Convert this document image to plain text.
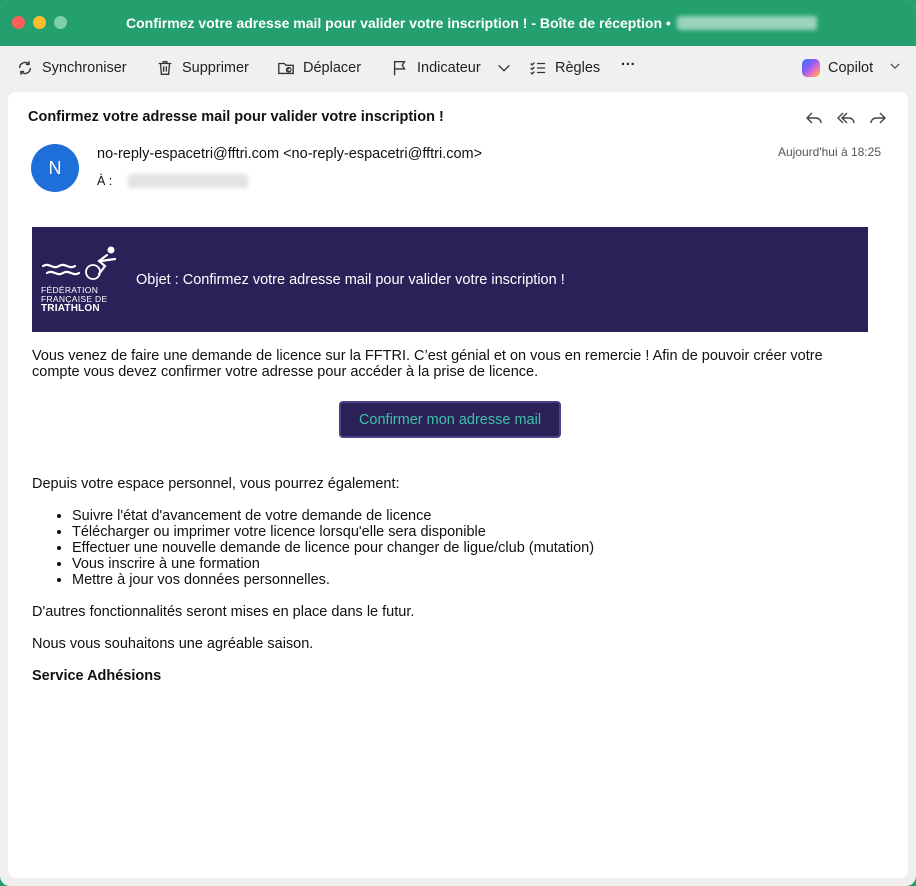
Confirmez votre adresse mail pour valider votre inscription ! - Boîte de réception •
Synchroniser	Supprimer	Déplacer	Indicateur	Règles ···	Copilot
Confirmez votre adresse mail pour valider votre inscription !
N
no-reply-espacetri@fftri.com <no-reply-espacetri@fftri.com>
À :
Aujourd'hui à 18:25
FÉDÉRATION
FRANÇAISE DE
TRIATHLON
Objet : Confirmez votre adresse mail pour valider votre inscription !
Vous venez de faire une demande de licence sur la FFTRI. C’est génial et on vous en remercie ! Afin de pouvoir créer votre compte vous devez confirmer votre adresse pour accéder à la prise de licence.
Confirmer mon adresse mail
Depuis votre espace personnel, vous pourrez également:
• Suivre l'état d'avancement de votre demande de licence
• Télécharger ou imprimer votre licence lorsqu'elle sera disponible
• Effectuer une nouvelle demande de licence pour changer de ligue/club (mutation)
• Vous inscrire à une formation
• Mettre à jour vos données personnelles.
D'autres fonctionnalités seront mises en place dans le futur.
Nous vous souhaitons une agréable saison.
Service Adhésions
